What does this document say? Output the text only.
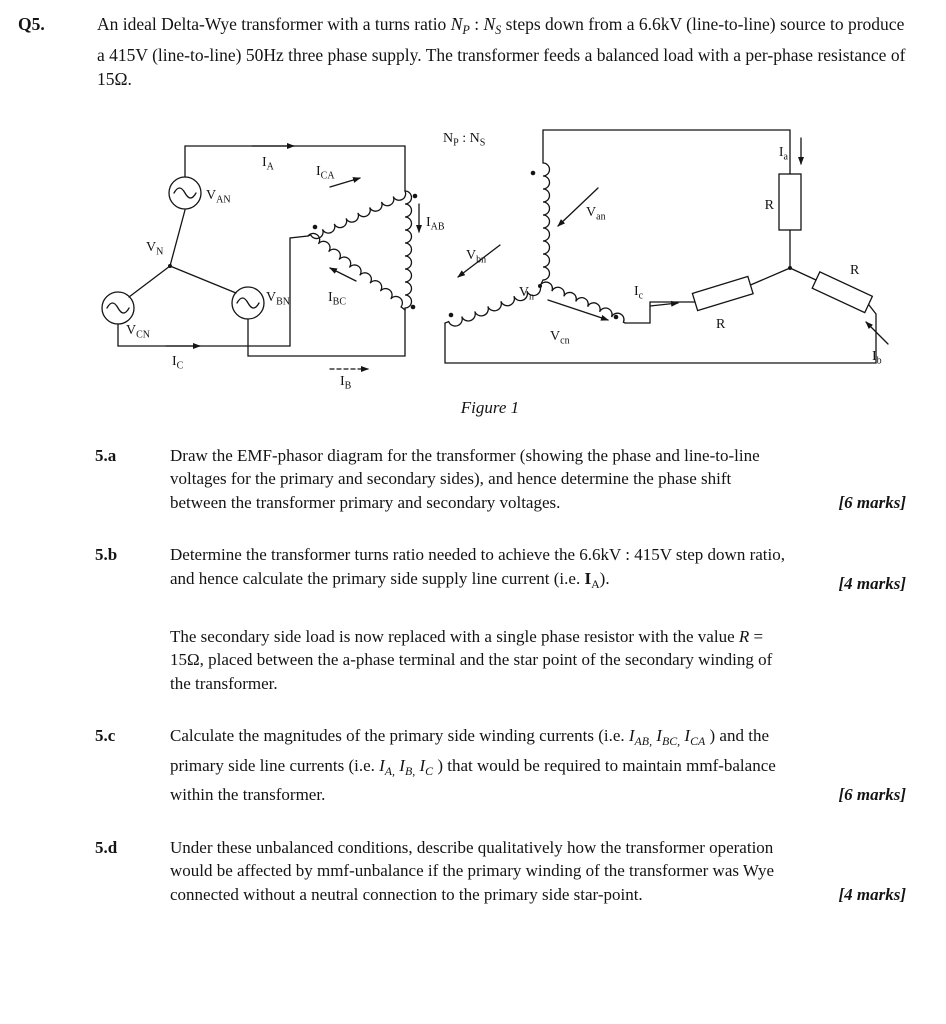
Q5.	An ideal Delta-Wye transformer with a turns ratio $N_P$ : $N_S$ steps down from a 6.6kV (line-to-line) source to produce a 415V (line-to-line) 50Hz three phase supply. The transformer feeds a balanced load with a per-phase resistance of 15Ω.
$I_A$
$V_{AN}$
$V_N$
$V_{BN}$
$V_{CN}$
$I_C$
$I_B$
$I_{CA}$
$I_{AB}$
$I_{BC}$
$N_P$ : $N_S$
$V_{an}$
$V_{bn}$
$V_{cn}$
$V_n$
$I_a$
$I_b$
$I_c$
R
R
R
Figure 1
5.a	Draw the EMF-phasor diagram for the transformer (showing the phase and line-to-line voltages for the primary and secondary sides), and hence determine the phase shift between the transformer primary and secondary voltages.	[6 marks]
5.b	Determine the transformer turns ratio needed to achieve the 6.6kV : 415V step down ratio, and hence calculate the primary side supply line current (i.e. $I_A$).	[4 marks]
The secondary side load is now replaced with a single phase resistor with the value R = 15Ω, placed between the a-phase terminal and the star point of the secondary winding of the transformer.
5.c	Calculate the magnitudes of the primary side winding currents (i.e. $I_{AB,}$ $I_{BC,}$ $I_{CA}$ ) and the primary side line currents (i.e. $I_{A,}$ $I_{B,}$ $I_C$ ) that would be required to maintain mmf-balance within the transformer.	[6 marks]
5.d	Under these unbalanced conditions, describe qualitatively how the transformer operation would be affected by mmf-unbalance if the primary winding of the transformer was Wye connected without a neutral connection to the primary side star-point.	[4 marks]
